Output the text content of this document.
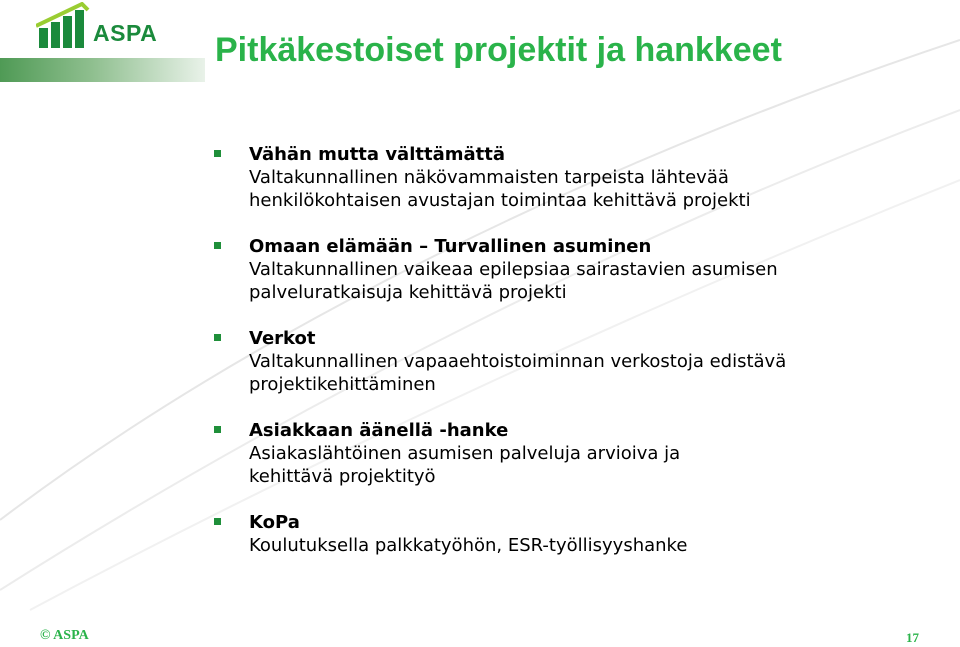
ASPA Pitkäkestoiset projektit ja hankkeet
Vähän mutta välttämättä
Valtakunnallinen näkövammaisten tarpeista lähtevää henkilökohtaisen avustajan toimintaa kehittävä projekti
Omaan elämään – Turvallinen asuminen
Valtakunnallinen vaikeaa epilepsiaa sairastavien asumisen palveluratkaisuja kehittävä projekti
Verkot
Valtakunnallinen vapaaehtoistoiminnan verkostoja edistävä projektikehittäminen
Asiakkaan äänellä -hanke
Asiakaslähtöinen asumisen palveluja arvioiva ja kehittävä projektityö
KoPa
Koulutuksella palkkatyöhön, ESR-työllisyyshanke
© ASPA	17
